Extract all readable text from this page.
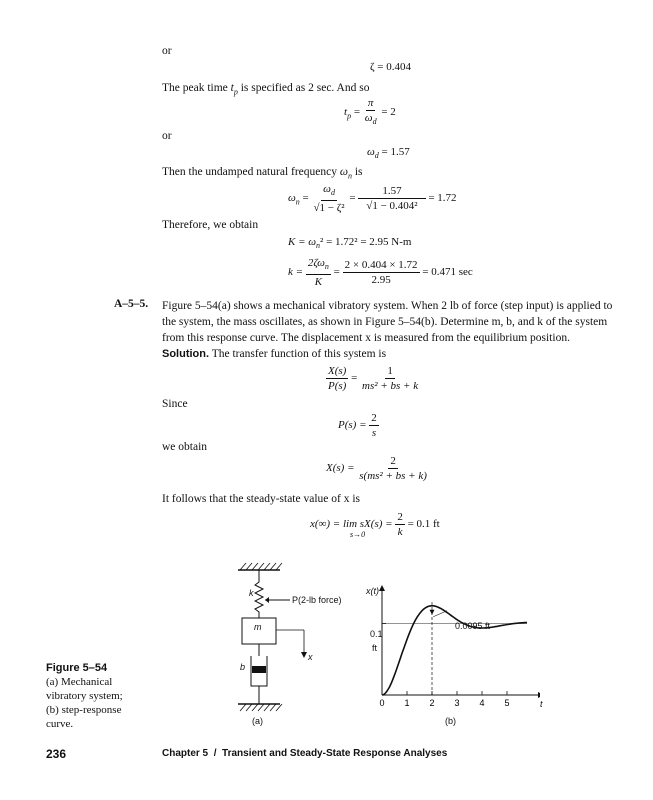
or
ζ = 0.404
The peak time $t_p$ is specified as 2 sec. And so
$t_p = \frac{\pi}{\omega_d} = 2$
or
$\omega_d = 1.57$
Then the undamped natural frequency $\omega_n$ is
$\omega_n = \frac{\omega_d}{\text{√1 − ζ²}} = \frac{1.57}{\text{√1 − 0.404²}} = 1.72$
Therefore, we obtain
$K = \omega_n^2 = 1.72^2 = 2.95$ N-m
$k = \frac{2\zeta\omega_n}{K} = \frac{2 \times 0.404 \times 1.72}{2.95} = 0.471$ sec
A–5–5. Figure 5–54(a) shows a mechanical vibratory system. When 2 lb of force (step input) is applied to the system, the mass oscillates, as shown in Figure 5–54(b). Determine m, b, and k of the system from this response curve. The displacement x is measured from the equilibrium position.
Solution. The transfer function of this system is
$\frac{X(s)}{P(s)} = \frac{1}{\text{ms² + bs + k}}$
Since
$P(s) = \frac{2}{s}$
we obtain
$X(s) = \frac{2}{\text{s(ms² + bs + k)}}$
It follows that the steady-state value of x is
$x(\infty) = \lim sX(s) = \frac{2}{k} = 0.1$ ft
s→0
Figure 5–54
(a) Mechanical
vibratory system;
(b) step-response
curve.
k
m
b
P(2-lb force)
x
(a)
0 1 2 3 4 5
x(t)
t
0.1
ft
0.0095 ft
(b)
236	Chapter 5 / Transient and Steady-State Response Analyses
